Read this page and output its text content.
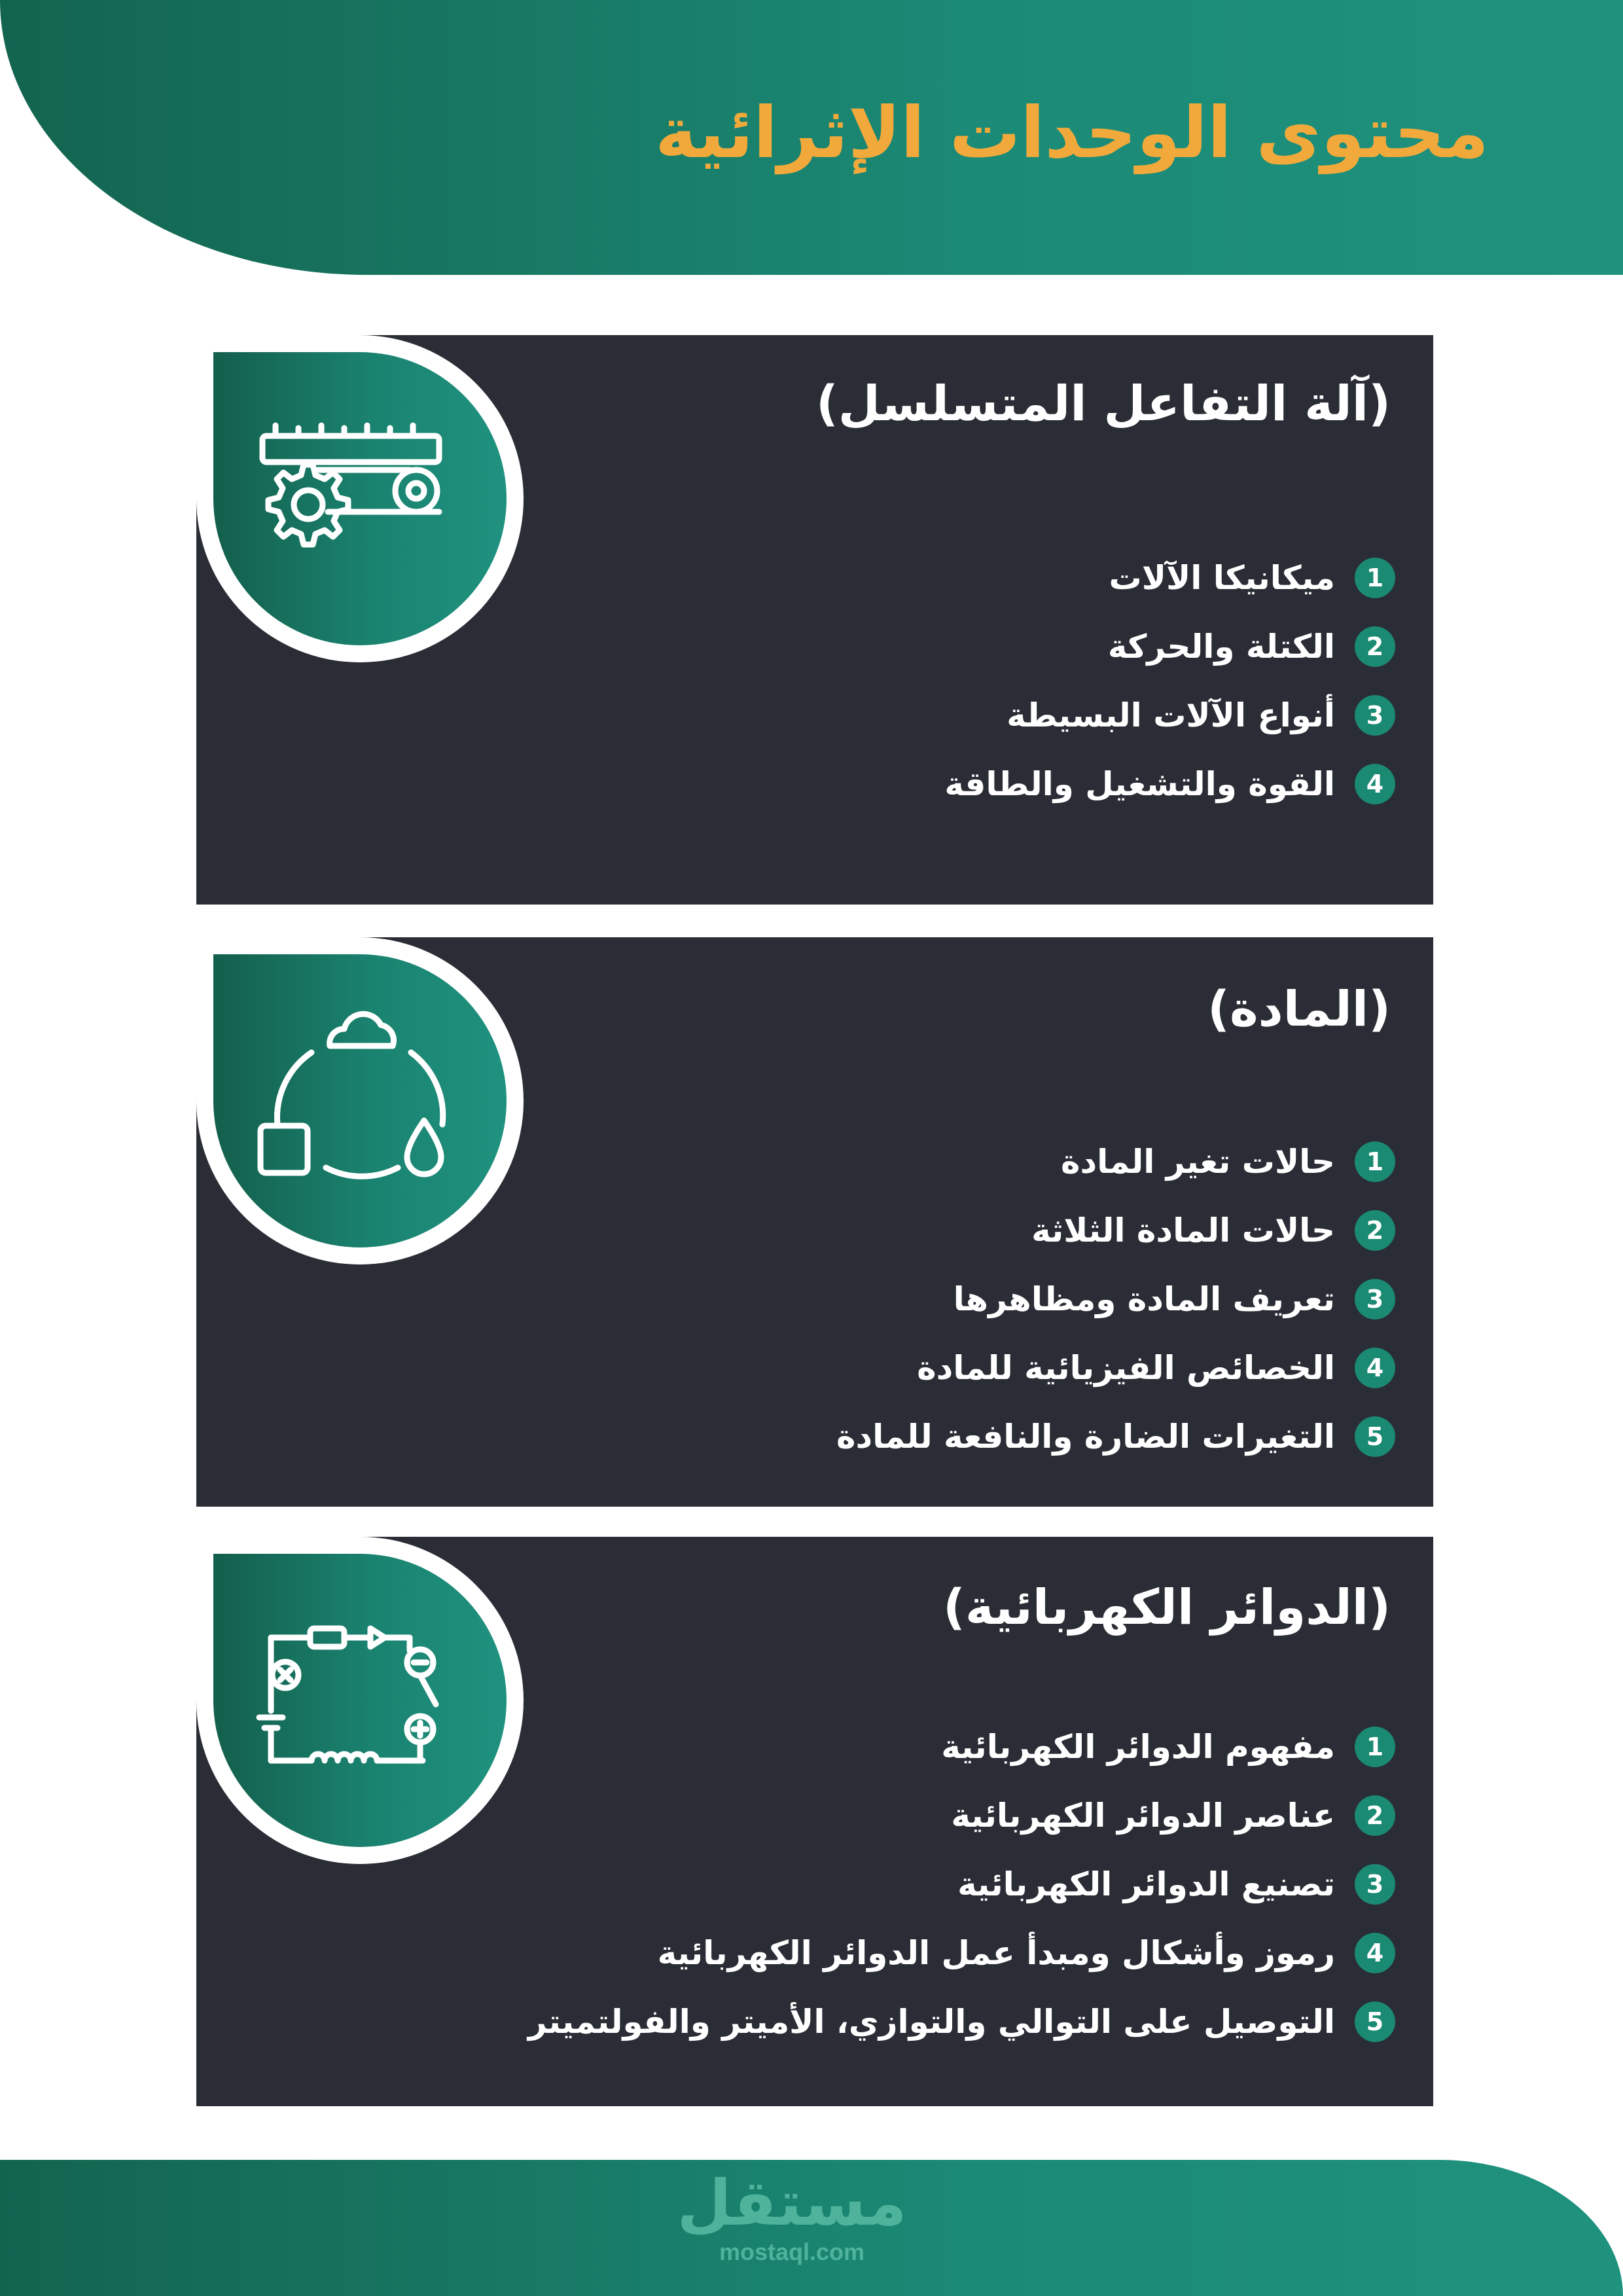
محتوى الوحدات الإثرائية
(آلة التفاعل المتسلسل)
1
ميكانيكا الآلات
2
الكتلة والحركة
3
أنواع الآلات البسيطة
4
القوة والتشغيل والطاقة
(المادة)
1
حالات تغير المادة
2
حالات المادة الثلاثة
3
تعريف المادة ومظاهرها
4
الخصائص الفيزيائية للمادة
5
التغيرات الضارة والنافعة للمادة
(الدوائر الكهربائية)
1
مفهوم الدوائر الكهربائية
2
عناصر الدوائر الكهربائية
3
تصنيع الدوائر الكهربائية
4
رموز وأشكال ومبدأ عمل الدوائر الكهربائية
5
التوصيل على التوالي والتوازي، الأميتر والفولتميتر
مستقل
mostaql.com
